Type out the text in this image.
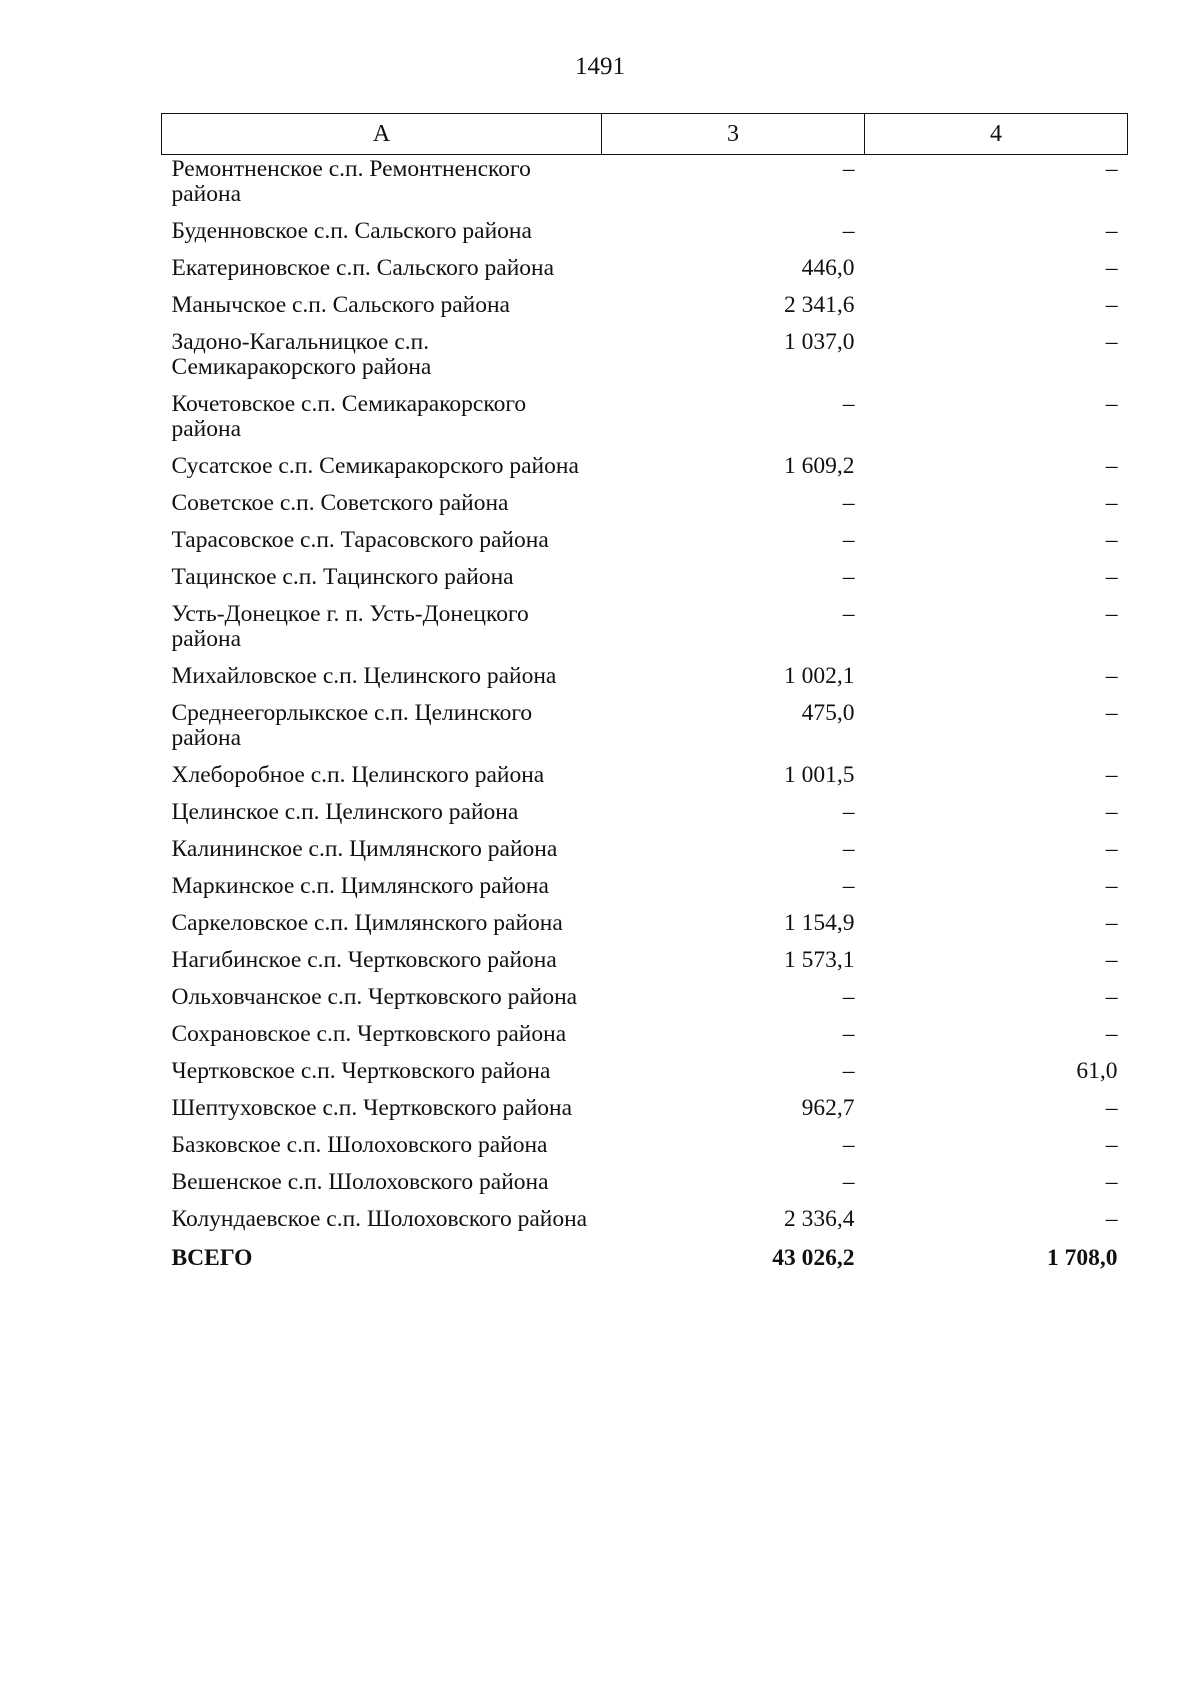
1491
А	3	4
Ремонтненское с.п. Ремонтненского района	–	–
Буденновское с.п. Сальского района	–	–
Екатериновское с.п. Сальского района	446,0	–
Манычское с.п. Сальского района	2 341,6	–
Задоно-Кагальницкое с.п. Семикаракорского района	1 037,0	–
Кочетовское с.п. Семикаракорского района	–	–
Сусатское с.п. Семикаракорского района	1 609,2	–
Советское с.п. Советского района	–	–
Тарасовское с.п. Тарасовского района	–	–
Тацинское с.п. Тацинского района	–	–
Усть-Донецкое г. п. Усть-Донецкого района	–	–
Михайловское с.п. Целинского района	1 002,1	–
Среднеегорлыкское с.п. Целинского района	475,0	–
Хлеборобное с.п. Целинского района	1 001,5	–
Целинское с.п. Целинского района	–	–
Калининское с.п. Цимлянского района	–	–
Маркинское с.п. Цимлянского района	–	–
Саркеловское с.п. Цимлянского района	1 154,9	–
Нагибинское с.п. Чертковского района	1 573,1	–
Ольховчанское с.п. Чертковского района	–	–
Сохрановское с.п. Чертковского района	–	–
Чертковское с.п. Чертковского района	–	61,0
Шептуховское с.п. Чертковского района	962,7	–
Базковское с.п. Шолоховского района	–	–
Вешенское с.п. Шолоховского района	–	–
Колундаевское с.п. Шолоховского района	2 336,4	–
ВСЕГО	43 026,2	1 708,0
